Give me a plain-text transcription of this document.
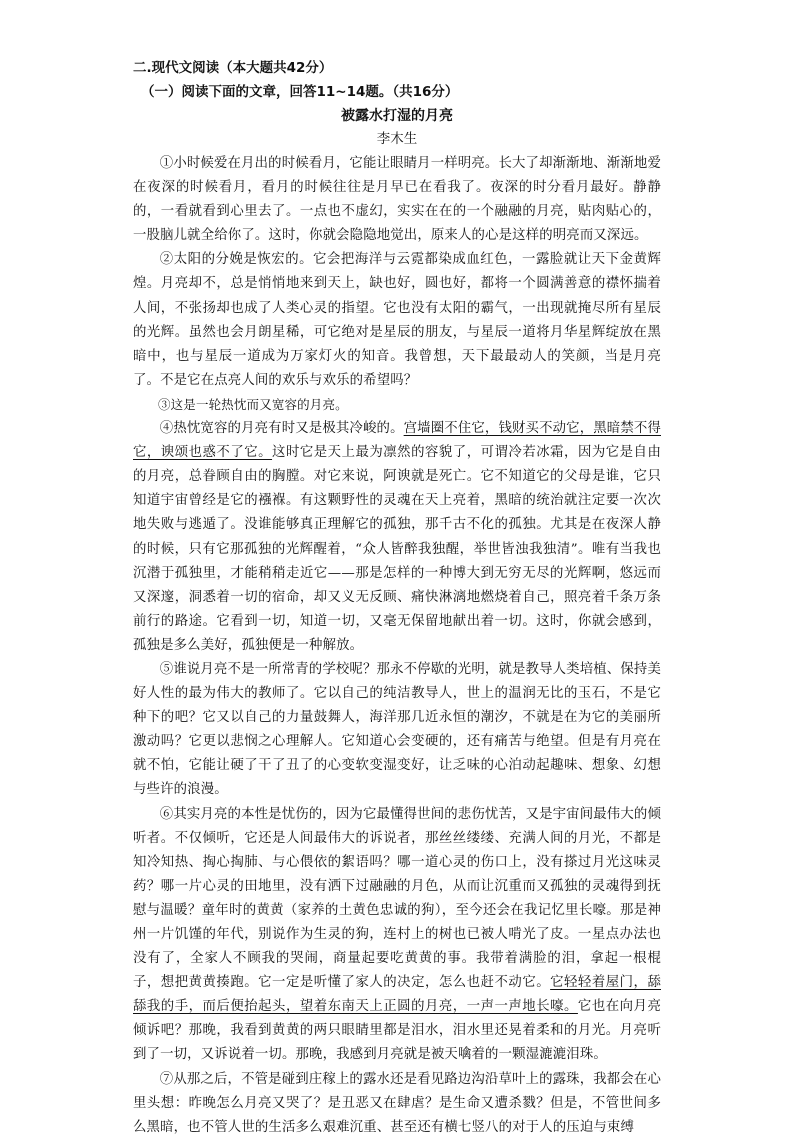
二.现代文阅读（本大题共42分）

（一）阅读下面的文章，回答11~14题。（共16分）

被露水打湿的月亮

李木生

①小时候爱在月出的时候看月，它能让眼睛月一样明亮。长大了却渐渐地、渐渐地爱在夜深的时候看月，看月的时候往往是月早已在看我了。夜深的时分看月最好。静静的，一看就看到心里去了。一点也不虚幻，实实在在的一个融融的月亮，贴肉贴心的，一股脑儿就全给你了。这时，你就会隐隐地觉出，原来人的心是这样的明亮而又深远。

②太阳的分娩是恢宏的。它会把海洋与云霓都染成血红色，一露脸就让天下金黄辉煌。月亮却不，总是悄悄地来到天上，缺也好，圆也好，都将一个圆满善意的襟怀揣着人间，不张扬却也成了人类心灵的指望。它也没有太阳的霸气，一出现就掩尽所有星辰的光辉。虽然也会月朗星稀，可它绝对是星辰的朋友，与星辰一道将月华星辉绽放在黑暗中，也与星辰一道成为万家灯火的知音。我曾想，天下最最动人的笑颜，当是月亮了。不是它在点亮人间的欢乐与欢乐的希望吗？

③这是一轮热忱而又宽容的月亮。

④热忱宽容的月亮有时又是极其冷峻的。宫墙圈不住它，钱财买不动它，黑暗禁不得它，谀颂也惑不了它。这时它是天上最为凛然的容貌了，可谓冷若冰霜，因为它是自由的月亮，总眷顾自由的胸膛。对它来说，阿谀就是死亡。它不知道它的父母是谁，它只知道宇宙曾经是它的襁褓。有这颗野性的灵魂在天上亮着，黑暗的统治就注定要一次次地失败与逃遁了。没谁能够真正理解它的孤独，那千古不化的孤独。尤其是在夜深人静的时候，只有它那孤独的光辉醒着，“众人皆醉我独醒，举世皆浊我独清”。唯有当我也沉潜于孤独里，才能稍稍走近它——那是怎样的一种博大到无穷无尽的光辉啊，悠远而又深邃，洞悉着一切的宿命，却又义无反顾、痛快淋漓地燃烧着自己，照亮着千条万条前行的路途。它看到一切，知道一切，又毫无保留地献出着一切。这时，你就会感到，孤独是多么美好，孤独便是一种解放。

⑤谁说月亮不是一所常青的学校呢？那永不停歇的光明，就是教导人类培植、保持美好人性的最为伟大的教师了。它以自己的纯洁教导人，世上的温润无比的玉石，不是它种下的吧？它又以自己的力量鼓舞人，海洋那几近永恒的潮汐，不就是在为它的美丽所激动吗？它更以悲悯之心理解人。它知道心会变硬的，还有痛苦与绝望。但是有月亮在就不怕，它能让硬了干了丑了的心变软变湿变好，让乏味的心泊动起趣味、想象、幻想与些许的浪漫。

⑥其实月亮的本性是忧伤的，因为它最懂得世间的悲伤忧苦，又是宇宙间最伟大的倾听者。不仅倾听，它还是人间最伟大的诉说者，那丝丝缕缕、充满人间的月光，不都是知冷知热、掏心掏肺、与心偎依的絮语吗？哪一道心灵的伤口上，没有搽过月光这味灵药？哪一片心灵的田地里，没有洒下过融融的月色，从而让沉重而又孤独的灵魂得到抚慰与温暖？童年时的黄黄（家养的土黄色忠诚的狗），至今还会在我记忆里长嚎。那是神州一片饥馑的年代，别说作为生灵的狗，连村上的树也已被人啃光了皮。一星点办法也没有了，全家人不顾我的哭闹，商量起要吃黄黄的事。我带着满脸的泪，拿起一根棍子，想把黄黄揍跑。它一定是听懂了家人的决定，怎么也赶不动它。它轻轻着屋门，舔舔我的手，而后便抬起头，望着东南天上正圆的月亮，一声一声地长嚎。它也在向月亮倾诉吧？那晚，我看到黄黄的两只眼睛里都是泪水，泪水里还晃着柔和的月光。月亮听到了一切，又诉说着一切。那晚，我感到月亮就是被天噙着的一颗湿漉漉泪珠。

⑦从那之后，不管是碰到庄稼上的露水还是看见路边沟沿草叶上的露珠，我都会在心里头想：昨晚怎么月亮又哭了？是丑恶又在肆虐？是生命又遭杀戮？但是，不管世间多么黑暗，也不管人世的生活多么艰难沉重、甚至还有横七竖八的对于人的压迫与束缚
